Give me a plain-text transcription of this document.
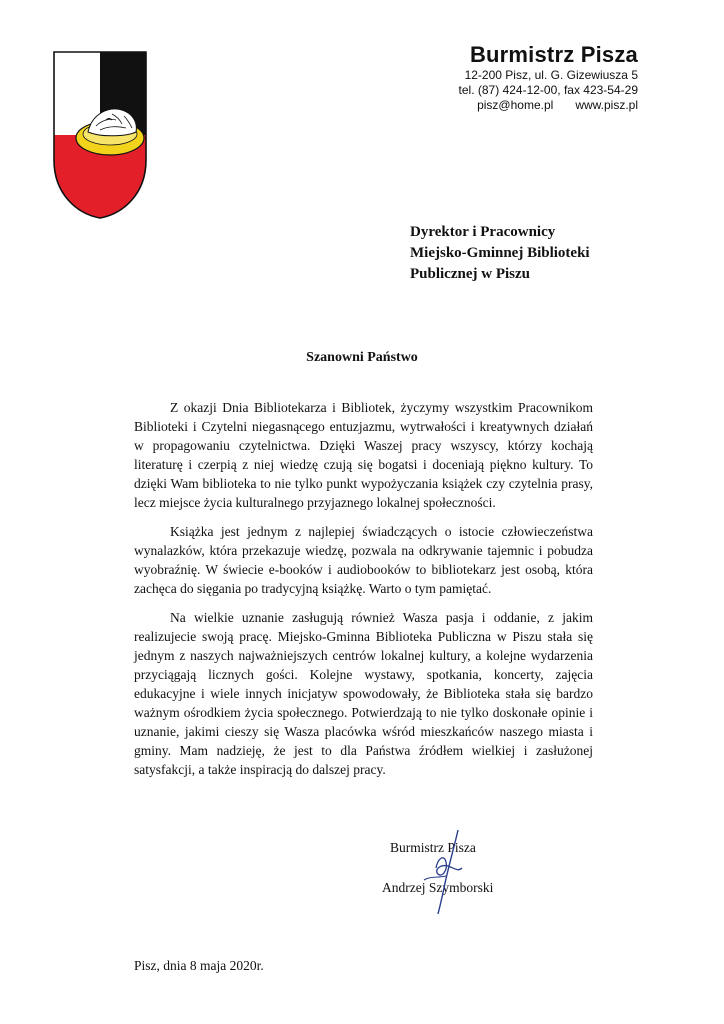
Burmistrz Pisza
12-200 Pisz, ul. G. Gizewiusza 5
tel. (87) 424-12-00, fax 423-54-29
pisz@home.pl www.pisz.pl
Dyrektor i Pracownicy
Miejsko-Gminnej Biblioteki
Publicznej w Piszu
Szanowni Państwo

Z okazji Dnia Bibliotekarza i Bibliotek, życzymy wszystkim Pracownikom Biblioteki i Czytelni niegasnącego entuzjazmu, wytrwałości i kreatywnych działań w propagowaniu czytelnictwa. Dzięki Waszej pracy wszyscy, którzy kochają literaturę i czerpią z niej wiedzę czują się bogatsi i doceniają piękno kultury. To dzięki Wam biblioteka to nie tylko punkt wypożyczania książek czy czytelnia prasy, lecz miejsce życia kulturalnego przyjaznego lokalnej społeczności.

Książka jest jednym z najlepiej świadczących o istocie człowieczeństwa wynalazków, która przekazuje wiedzę, pozwala na odkrywanie tajemnic i pobudza wyobraźnię. W świecie e-booków i audiobooków to bibliotekarz jest osobą, która zachęca do sięgania po tradycyjną książkę. Warto o tym pamiętać.

Na wielkie uznanie zasługują również Wasza pasja i oddanie, z jakim realizujecie swoją pracę. Miejsko-Gminna Biblioteka Publiczna w Piszu stała się jednym z naszych najważniejszych centrów lokalnej kultury, a kolejne wydarzenia przyciągają licznych gości. Kolejne wystawy, spotkania, koncerty, zajęcia edukacyjne i wiele innych inicjatyw spowodowały, że Biblioteka stała się bardzo ważnym ośrodkiem życia społecznego. Potwierdzają to nie tylko doskonałe opinie i uznanie, jakimi cieszy się Wasza placówka wśród mieszkańców naszego miasta i gminy. Mam nadzieję, że jest to dla Państwa źródłem wielkiej i zasłużonej satysfakcji, a także inspiracją do dalszej pracy.

Burmistrz Pisza
Andrzej Szymborski
Pisz, dnia 8 maja 2020r.
